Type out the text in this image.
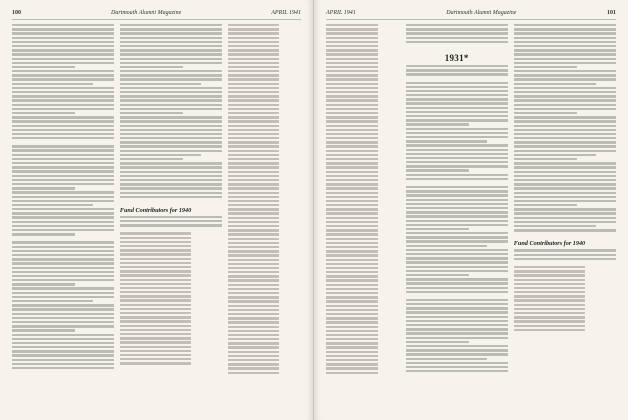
100	Dartmouth Alumni Magazine	APRIL 1941
Fund Contributors for 1940
APRIL 1941	Dartmouth Alumni Magazine	101
1931*
Fund Contributors for 1940
